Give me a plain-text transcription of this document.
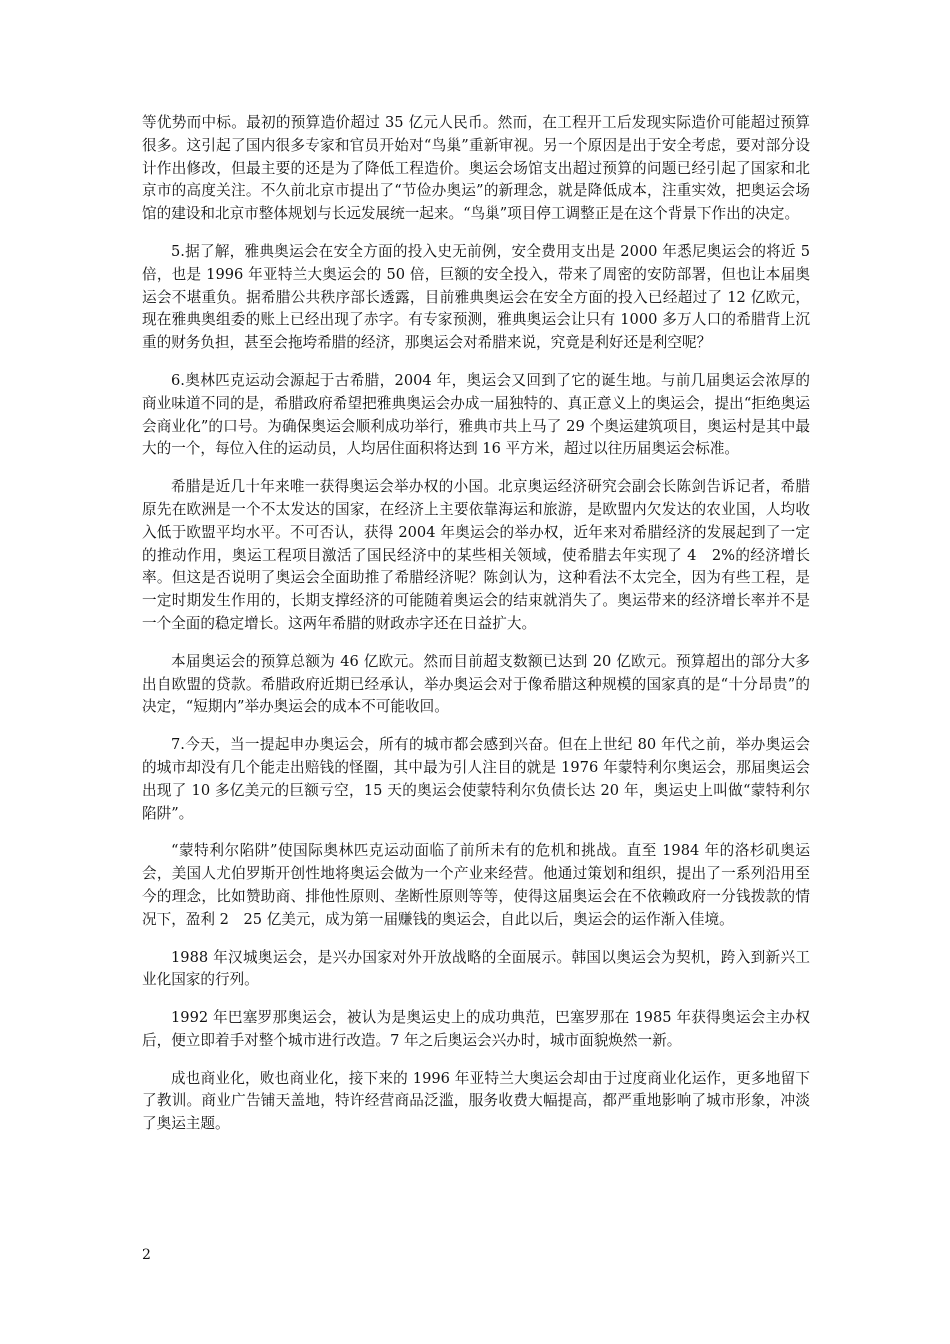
等优势而中标。最初的预算造价超过 35 亿元人民币。然而，在工程开工后发现实际造价可能超过预算很多。这引起了国内很多专家和官员开始对“鸟巢”重新审视。另一个原因是出于安全考虑，要对部分设计作出修改，但最主要的还是为了降低工程造价。奥运会场馆支出超过预算的问题已经引起了国家和北京市的高度关注。不久前北京市提出了“节俭办奥运”的新理念，就是降低成本，注重实效，把奥运会场馆的建设和北京市整体规划与长远发展统一起来。“鸟巢”项目停工调整正是在这个背景下作出的决定。

5.据了解，雅典奥运会在安全方面的投入史无前例，安全费用支出是 2000 年悉尼奥运会的将近 5 倍，也是 1996 年亚特兰大奥运会的 50 倍，巨额的安全投入，带来了周密的安防部署，但也让本届奥运会不堪重负。据希腊公共秩序部长透露，目前雅典奥运会在安全方面的投入已经超过了 12 亿欧元，现在雅典奥组委的账上已经出现了赤字。有专家预测，雅典奥运会让只有 1000 多万人口的希腊背上沉重的财务负担，甚至会拖垮希腊的经济，那奥运会对希腊来说，究竟是利好还是利空呢？

6.奥林匹克运动会源起于古希腊，2004 年，奥运会又回到了它的诞生地。与前几届奥运会浓厚的商业味道不同的是，希腊政府希望把雅典奥运会办成一届独特的、真正意义上的奥运会，提出“拒绝奥运会商业化”的口号。为确保奥运会顺利成功举行，雅典市共上马了 29 个奥运建筑项目，奥运村是其中最大的一个，每位入住的运动员，人均居住面积将达到 16 平方米，超过以往历届奥运会标准。

希腊是近几十年来唯一获得奥运会举办权的小国。北京奥运经济研究会副会长陈剑告诉记者，希腊原先在欧洲是一个不太发达的国家，在经济上主要依靠海运和旅游，是欧盟内欠发达的农业国，人均收入低于欧盟平均水平。不可否认，获得 2004 年奥运会的举办权，近年来对希腊经济的发展起到了一定的推动作用，奥运工程项目激活了国民经济中的某些相关领域，使希腊去年实现了 4　2%的经济增长率。但这是否说明了奥运会全面助推了希腊经济呢？陈剑认为，这种看法不太完全，因为有些工程，是一定时期发生作用的，长期支撑经济的可能随着奥运会的结束就消失了。奥运带来的经济增长率并不是一个全面的稳定增长。这两年希腊的财政赤字还在日益扩大。

本届奥运会的预算总额为 46 亿欧元。然而目前超支数额已达到 20 亿欧元。预算超出的部分大多出自欧盟的贷款。希腊政府近期已经承认，举办奥运会对于像希腊这种规模的国家真的是“十分昂贵”的决定，“短期内”举办奥运会的成本不可能收回。

7.今天，当一提起申办奥运会，所有的城市都会感到兴奋。但在上世纪 80 年代之前，举办奥运会的城市却没有几个能走出赔钱的怪圈，其中最为引人注目的就是 1976 年蒙特利尔奥运会，那届奥运会出现了 10 多亿美元的巨额亏空，15 天的奥运会使蒙特利尔负债长达 20 年，奥运史上叫做“蒙特利尔陷阱”。

“蒙特利尔陷阱”使国际奥林匹克运动面临了前所未有的危机和挑战。直至 1984 年的洛杉矶奥运会，美国人尤伯罗斯开创性地将奥运会做为一个产业来经营。他通过策划和组织，提出了一系列沿用至今的理念，比如赞助商、排他性原则、垄断性原则等等，使得这届奥运会在不依赖政府一分钱拨款的情况下，盈利 2　25 亿美元，成为第一届赚钱的奥运会，自此以后，奥运会的运作渐入佳境。

1988 年汉城奥运会，是兴办国家对外开放战略的全面展示。韩国以奥运会为契机，跨入到新兴工业化国家的行列。

1992 年巴塞罗那奥运会，被认为是奥运史上的成功典范，巴塞罗那在 1985 年获得奥运会主办权后，便立即着手对整个城市进行改造。7 年之后奥运会兴办时，城市面貌焕然一新。

成也商业化，败也商业化，接下来的 1996 年亚特兰大奥运会却由于过度商业化运作，更多地留下了教训。商业广告铺天盖地，特许经营商品泛滥，服务收费大幅提高，都严重地影响了城市形象，冲淡了奥运主题。

2
